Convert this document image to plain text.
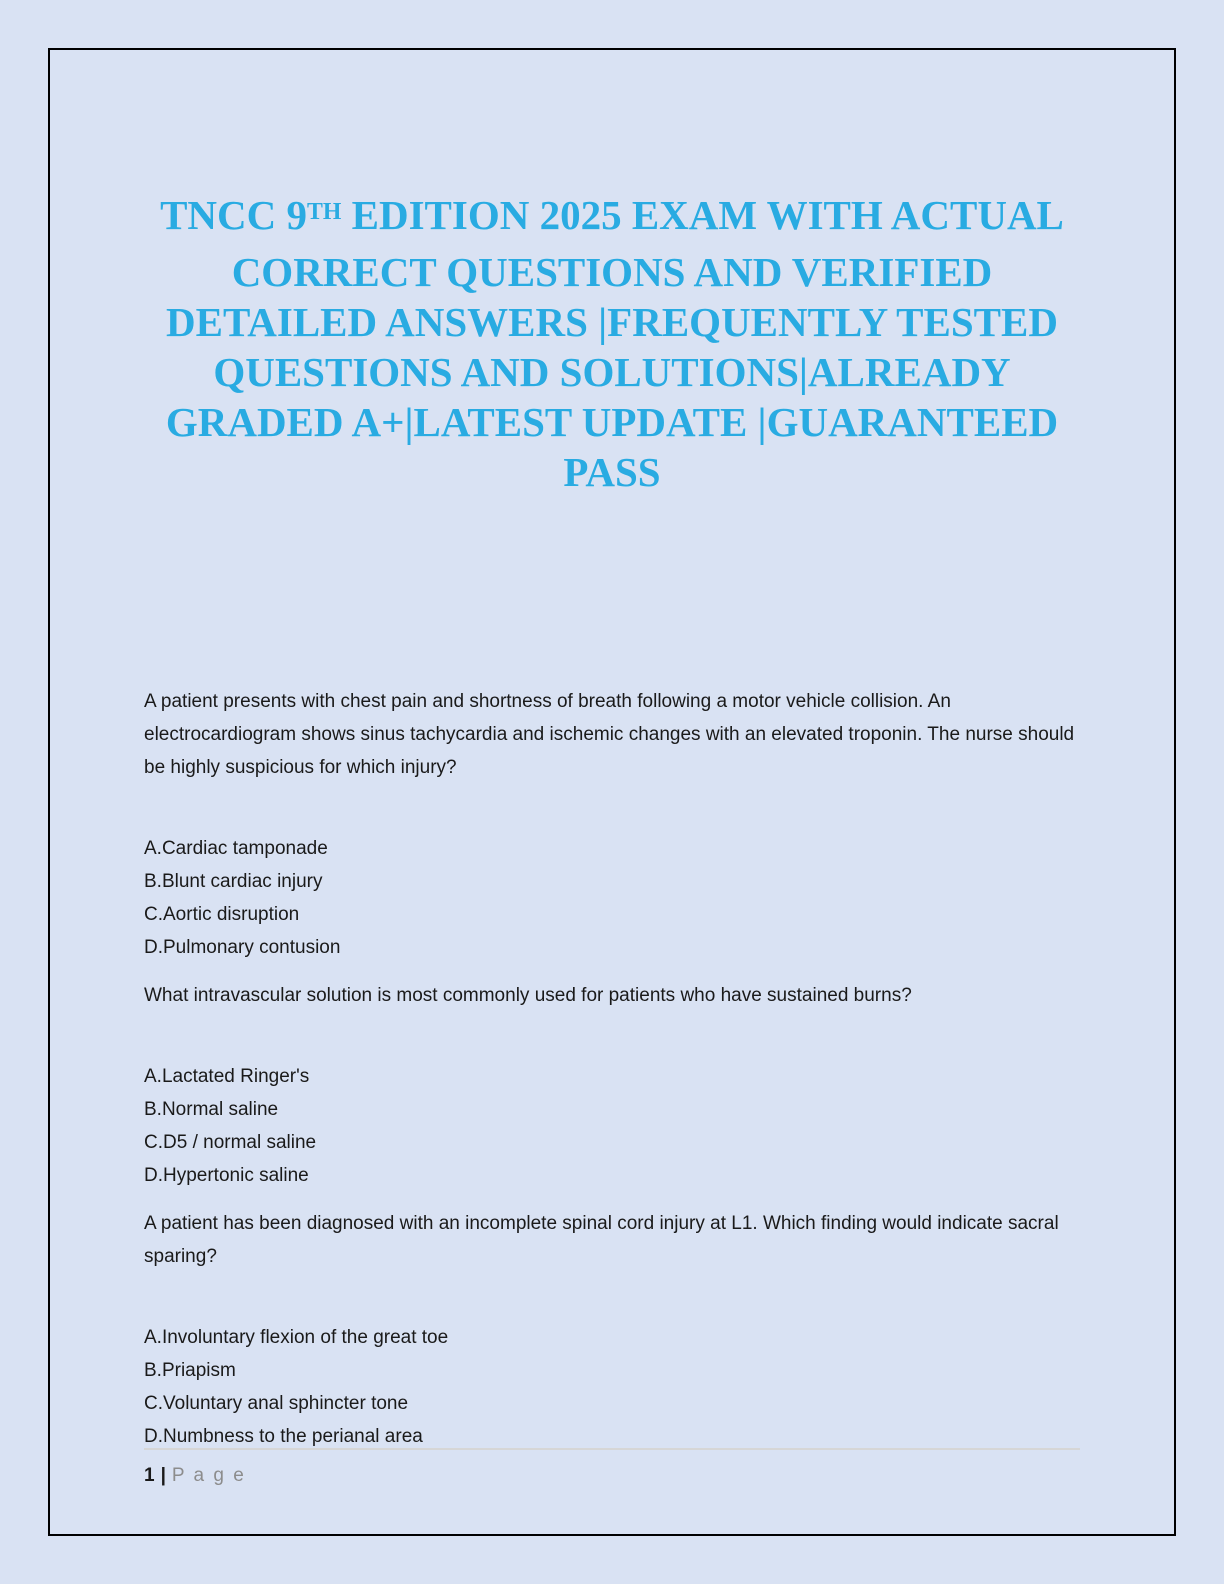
TNCC 9TH EDITION 2025 EXAM WITH ACTUAL
CORRECT QUESTIONS AND VERIFIED
DETAILED ANSWERS |FREQUENTLY TESTED
QUESTIONS AND SOLUTIONS|ALREADY
GRADED A+|LATEST UPDATE |GUARANTEED
PASS

A patient presents with chest pain and shortness of breath following a motor vehicle collision. An electrocardiogram shows sinus tachycardia and ischemic changes with an elevated troponin. The nurse should be highly suspicious for which injury?

A.Cardiac tamponade

B.Blunt cardiac injury

C.Aortic disruption

D.Pulmonary contusion

What intravascular solution is most commonly used for patients who have sustained burns?

A.Lactated Ringer's

B.Normal saline

C.D5 / normal saline

D.Hypertonic saline

A patient has been diagnosed with an incomplete spinal cord injury at L1. Which finding would indicate sacral sparing?

A.Involuntary flexion of the great toe

B.Priapism

C.Voluntary anal sphincter tone

D.Numbness to the perianal area

1 | P a g e
